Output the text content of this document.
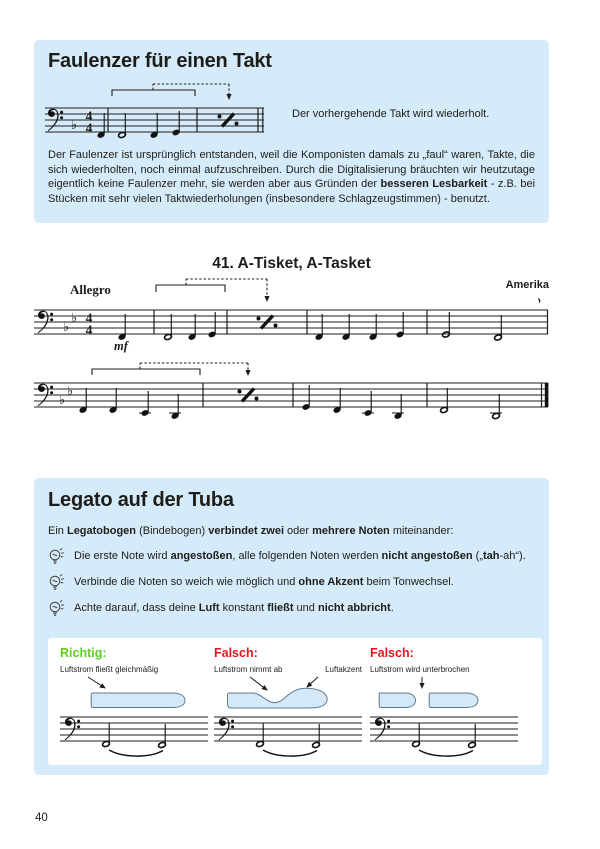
Faulenzer für einen Takt
♭
4
4
Der vorhergehende Takt wird wiederholt.
Der Faulenzer ist ursprünglich entstanden, weil die Komponisten damals zu „faul“ waren, Takte, die sich wiederholten, noch einmal aufzuschreiben. Durch die Digitalisierung bräuchten wir heutzutage eigentlich keine Faulenzer mehr, sie werden aber aus Gründen der besseren Lesbarkeit - z.B. bei Stücken mit sehr vielen Taktwiederholungen (insbesondere Schlagzeugstimmen) - benutzt.
41. A-Tisket, A-Tasket
Allegro	Amerika
♭
♭ 4
4
mf
♭
♭
Legato auf der Tuba
Ein Legatobogen (Bindebogen) verbindet zwei oder mehrere Noten miteinander:
Die erste Note wird angestoßen, alle folgenden Noten werden nicht angestoßen („tah-ah“).
Verbinde die Noten so weich wie möglich und ohne Akzent beim Tonwechsel.
Achte darauf, dass deine Luft konstant fließt und nicht abbricht.
Richtig:
Luftstrom fließt gleichmäßig
Falsch:
Luftstrom nimmt ab	Luftakzent
Falsch:
Luftstrom wird unterbrochen
40
